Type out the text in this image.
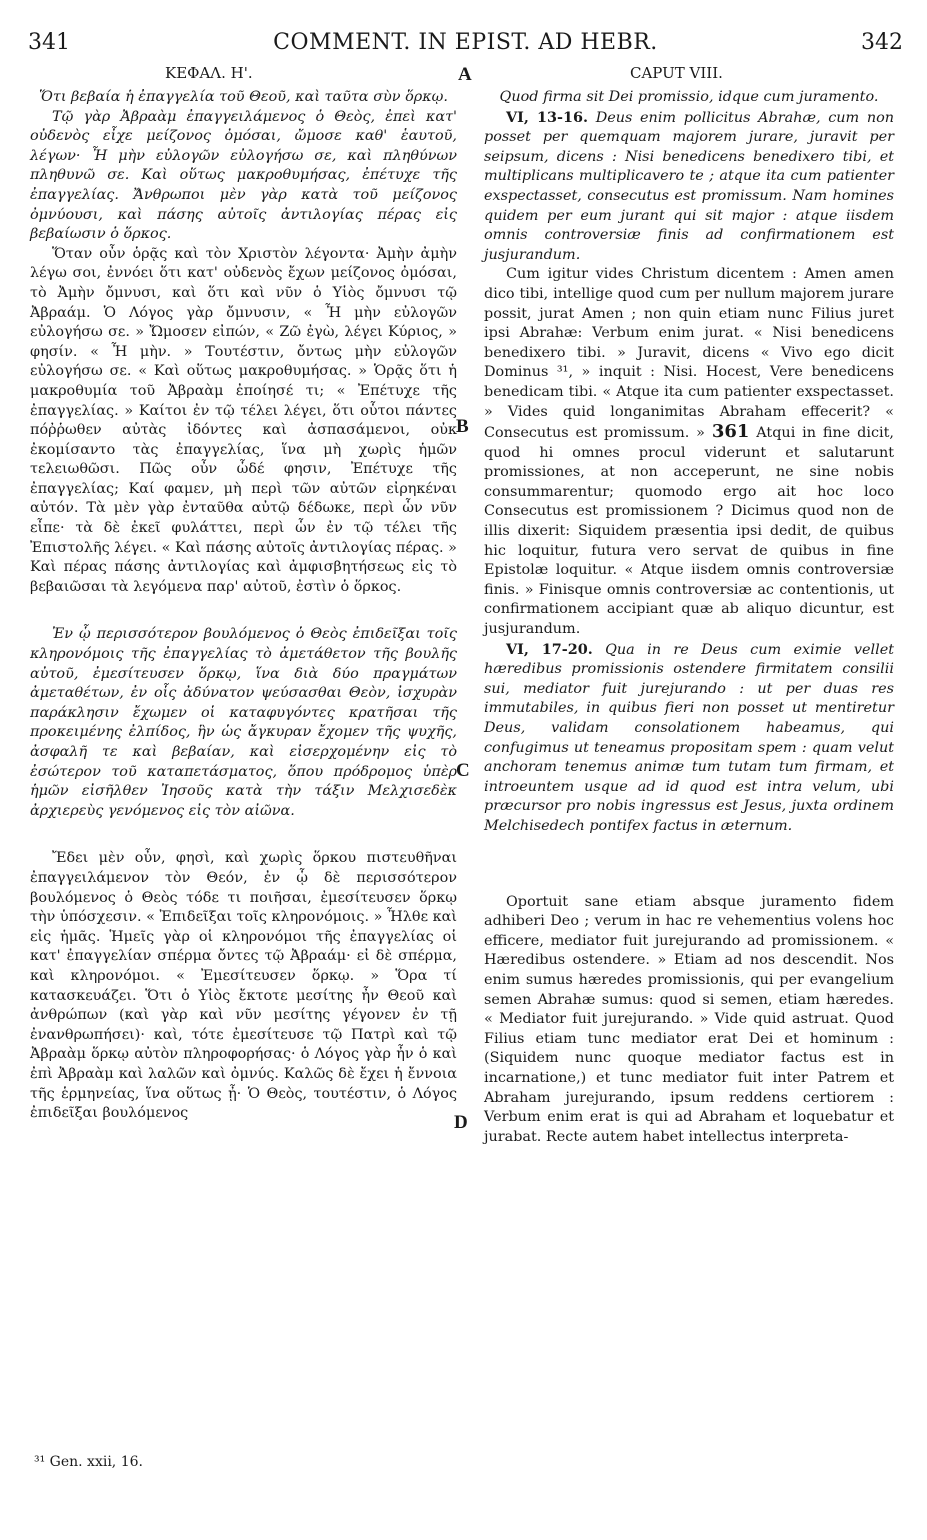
341	COMMENT. IN EPIST. AD HEBR.	342
ΚΕΦΑΛ. Η'.	CAPUT VIII.
A
B
C
D

Ὅτι βεβαία ἡ ἐπαγγελία τοῦ Θεοῦ, καὶ ταῦτα σὺν ὅρκῳ.

Τῷ γὰρ Ἀβραὰμ ἐπαγγειλάμενος ὁ Θεὸς, ἐπεὶ κατ' οὐδενὸς εἶχε μείζονος ὀμόσαι, ὤμοσε καθ' ἑαυτοῦ, λέγων· Ἦ μὴν εὐλογῶν εὐλογήσω σε, καὶ πληθύνων πληθυνῶ σε. Καὶ οὕτως μακροθυμήσας, ἐπέτυχε τῆς ἐπαγγελίας. Ἄνθρωποι μὲν γὰρ κατὰ τοῦ μείζονος ὀμνύουσι, καὶ πάσης αὐτοῖς ἀντιλογίας πέρας εἰς βεβαίωσιν ὁ ὅρκος.

Ὅταν οὖν ὁρᾷς καὶ τὸν Χριστὸν λέγοντα· Ἀμὴν ἀμὴν λέγω σοι, ἐννόει ὅτι κατ' οὐδενὸς ἔχων μείζονος ὀμόσαι, τὸ Ἀμὴν ὄμνυσι, καὶ ὅτι καὶ νῦν ὁ Υἱὸς ὄμνυσι τῷ Ἀβραάμ. Ὁ Λόγος γὰρ ὄμνυσιν, « Ἦ μὴν εὐλογῶν εὐλογήσω σε. » Ὤμοσεν εἰπών, « Ζῶ ἐγὼ, λέγει Κύριος, » φησίν. « Ἦ μὴν. » Τουτέστιν, ὄντως μὴν εὐλογῶν εὐλογήσω σε. « Καὶ οὕτως μακροθυμήσας. » Ὁρᾷς ὅτι ἡ μακροθυμία τοῦ Ἀβραὰμ ἐποίησέ τι; « Ἐπέτυχε τῆς ἐπαγγελίας. » Καίτοι ἐν τῷ τέλει λέγει, ὅτι οὗτοι πάντες πόῤῥωθεν αὐτὰς ἰδόντες καὶ ἀσπασάμενοι, οὐκ ἐκομίσαντο τὰς ἐπαγγελίας, ἵνα μὴ χωρὶς ἡμῶν τελειωθῶσι. Πῶς οὖν ὧδέ φησιν, Ἐπέτυχε τῆς ἐπαγγελίας; Καί φαμεν, μὴ περὶ τῶν αὐτῶν εἰρηκέναι αὐτόν. Τὰ μὲν γὰρ ἐνταῦθα αὐτῷ δέδωκε, περὶ ὧν νῦν εἶπε· τὰ δὲ ἐκεῖ φυλάττει, περὶ ὧν ἐν τῷ τέλει τῆς Ἐπιστολῆς λέγει. « Καὶ πάσης αὐτοῖς ἀντιλογίας πέρας. » Καὶ πέρας πάσης ἀντιλογίας καὶ ἀμφισβητήσεως εἰς τὸ βεβαιῶσαι τὰ λεγόμενα παρ' αὐτοῦ, ἐστὶν ὁ ὅρκος.

Ἐν ᾧ περισσότερον βουλόμενος ὁ Θεὸς ἐπιδεῖξαι τοῖς κληρονόμοις τῆς ἐπαγγελίας τὸ ἀμετάθετον τῆς βουλῆς αὐτοῦ, ἐμεσίτευσεν ὅρκῳ, ἵνα διὰ δύο πραγμάτων ἀμεταθέτων, ἐν οἷς ἀδύνατον ψεύσασθαι Θεὸν, ἰσχυρὰν παράκλησιν ἔχωμεν οἱ καταφυγόντες κρατῆσαι τῆς προκειμένης ἐλπίδος, ἣν ὡς ἄγκυραν ἔχομεν τῆς ψυχῆς, ἀσφαλῆ τε καὶ βεβαίαν, καὶ εἰσερχομένην εἰς τὸ ἐσώτερον τοῦ καταπετάσματος, ὅπου πρόδρομος ὑπὲρ ἡμῶν εἰσῆλθεν Ἰησοῦς κατὰ τὴν τάξιν Μελχισεδὲκ ἀρχιερεὺς γενόμενος εἰς τὸν αἰῶνα.

Ἔδει μὲν οὖν, φησὶ, καὶ χωρὶς ὅρκου πιστευθῆναι ἐπαγγειλάμενον τὸν Θεόν, ἐν ᾧ δὲ περισσότερον βουλόμενος ὁ Θεὸς τόδε τι ποιῆσαι, ἐμεσίτευσεν ὅρκῳ τὴν ὑπόσχεσιν. « Ἐπιδεῖξαι τοῖς κληρονόμοις. » Ἦλθε καὶ εἰς ἡμᾶς. Ἡμεῖς γὰρ οἱ κληρονόμοι τῆς ἐπαγγελίας οἱ κατ' ἐπαγγελίαν σπέρμα ὄντες τῷ Ἀβραάμ· εἰ δὲ σπέρμα, καὶ κληρονόμοι. « Ἐμεσίτευσεν ὅρκῳ. » Ὅρα τί κατασκευάζει. Ὅτι ὁ Υἱὸς ἔκτοτε μεσίτης ἦν Θεοῦ καὶ ἀνθρώπων (καὶ γὰρ καὶ νῦν μεσίτης γέγονεν ἐν τῇ ἐνανθρωπήσει)· καὶ, τότε ἐμεσίτευσε τῷ Πατρὶ καὶ τῷ Ἀβραὰμ ὅρκῳ αὐτὸν πληροφορήσας· ὁ Λόγος γὰρ ἦν ὁ καὶ ἐπὶ Ἀβραὰμ καὶ λαλῶν καὶ ὀμνύς. Καλῶς δὲ ἔχει ἡ ἔννοια τῆς ἑρμηνείας, ἵνα οὕτως ᾖ· Ὁ Θεὸς, τουτέστιν, ὁ Λόγος ἐπιδεῖξαι βουλόμενος

Quod firma sit Dei promissio, idque cum juramento.

VI, 13-16. Deus enim pollicitus Abrahæ, cum non posset per quemquam majorem jurare, juravit per seipsum, dicens : Nisi benedicens benedixero tibi, et multiplicans multiplicavero te ; atque ita cum patienter exspectasset, consecutus est promissum. Nam homines quidem per eum jurant qui sit major : atque iisdem omnis controversiæ finis ad confirmationem est jusjurandum.

Cum igitur vides Christum dicentem : Amen amen dico tibi, intellige quod cum per nullum majorem jurare possit, jurat Amen ; non quin etiam nunc Filius juret ipsi Abrahæ: Verbum enim jurat. « Nisi benedicens benedixero tibi. » Juravit, dicens « Vivo ego dicit Dominus ³¹, » inquit : Nisi. Hocest, Vere benedicens benedicam tibi. « Atque ita cum patienter exspectasset. » Vides quid longanimitas Abraham effecerit? « Consecutus est promissum. » 361 Atqui in fine dicit, quod hi omnes procul viderunt et salutarunt promissiones, at non acceperunt, ne sine nobis consummarentur; quomodo ergo ait hoc loco Consecutus est promissionem ? Dicimus quod non de illis dixerit: Siquidem præsentia ipsi dedit, de quibus hic loquitur, futura vero servat de quibus in fine Epistolæ loquitur. « Atque iisdem omnis controversiæ finis. » Finisque omnis controversiæ ac contentionis, ut confirmationem accipiant quæ ab aliquo dicuntur, est jusjurandum.

VI, 17-20. Qua in re Deus cum eximie vellet hæredibus promissionis ostendere firmitatem consilii sui, mediator fuit jurejurando : ut per duas res immutabiles, in quibus fieri non posset ut mentiretur Deus, validam consolationem habeamus, qui confugimus ut teneamus propositam spem : quam velut anchoram tenemus animæ tum tutam tum firmam, et introeuntem usque ad id quod est intra velum, ubi præcursor pro nobis ingressus est Jesus, juxta ordinem Melchisedech pontifex factus in æternum.

Oportuit sane etiam absque juramento fidem adhiberi Deo ; verum in hac re vehementius volens hoc efficere, mediator fuit jurejurando ad promissionem. « Hæredibus ostendere. » Etiam ad nos descendit. Nos enim sumus hæredes promissionis, qui per evangelium semen Abrahæ sumus: quod si semen, etiam hæredes. « Mediator fuit jurejurando. » Vide quid astruat. Quod Filius etiam tunc mediator erat Dei et hominum : (Siquidem nunc quoque mediator factus est in incarnatione,) et tunc mediator fuit inter Patrem et Abraham jurejurando, ipsum reddens certiorem : Verbum enim erat is qui ad Abraham et loquebatur et jurabat. Recte autem habet intellectus interpreta-

³¹ Gen. xxii, 16.
